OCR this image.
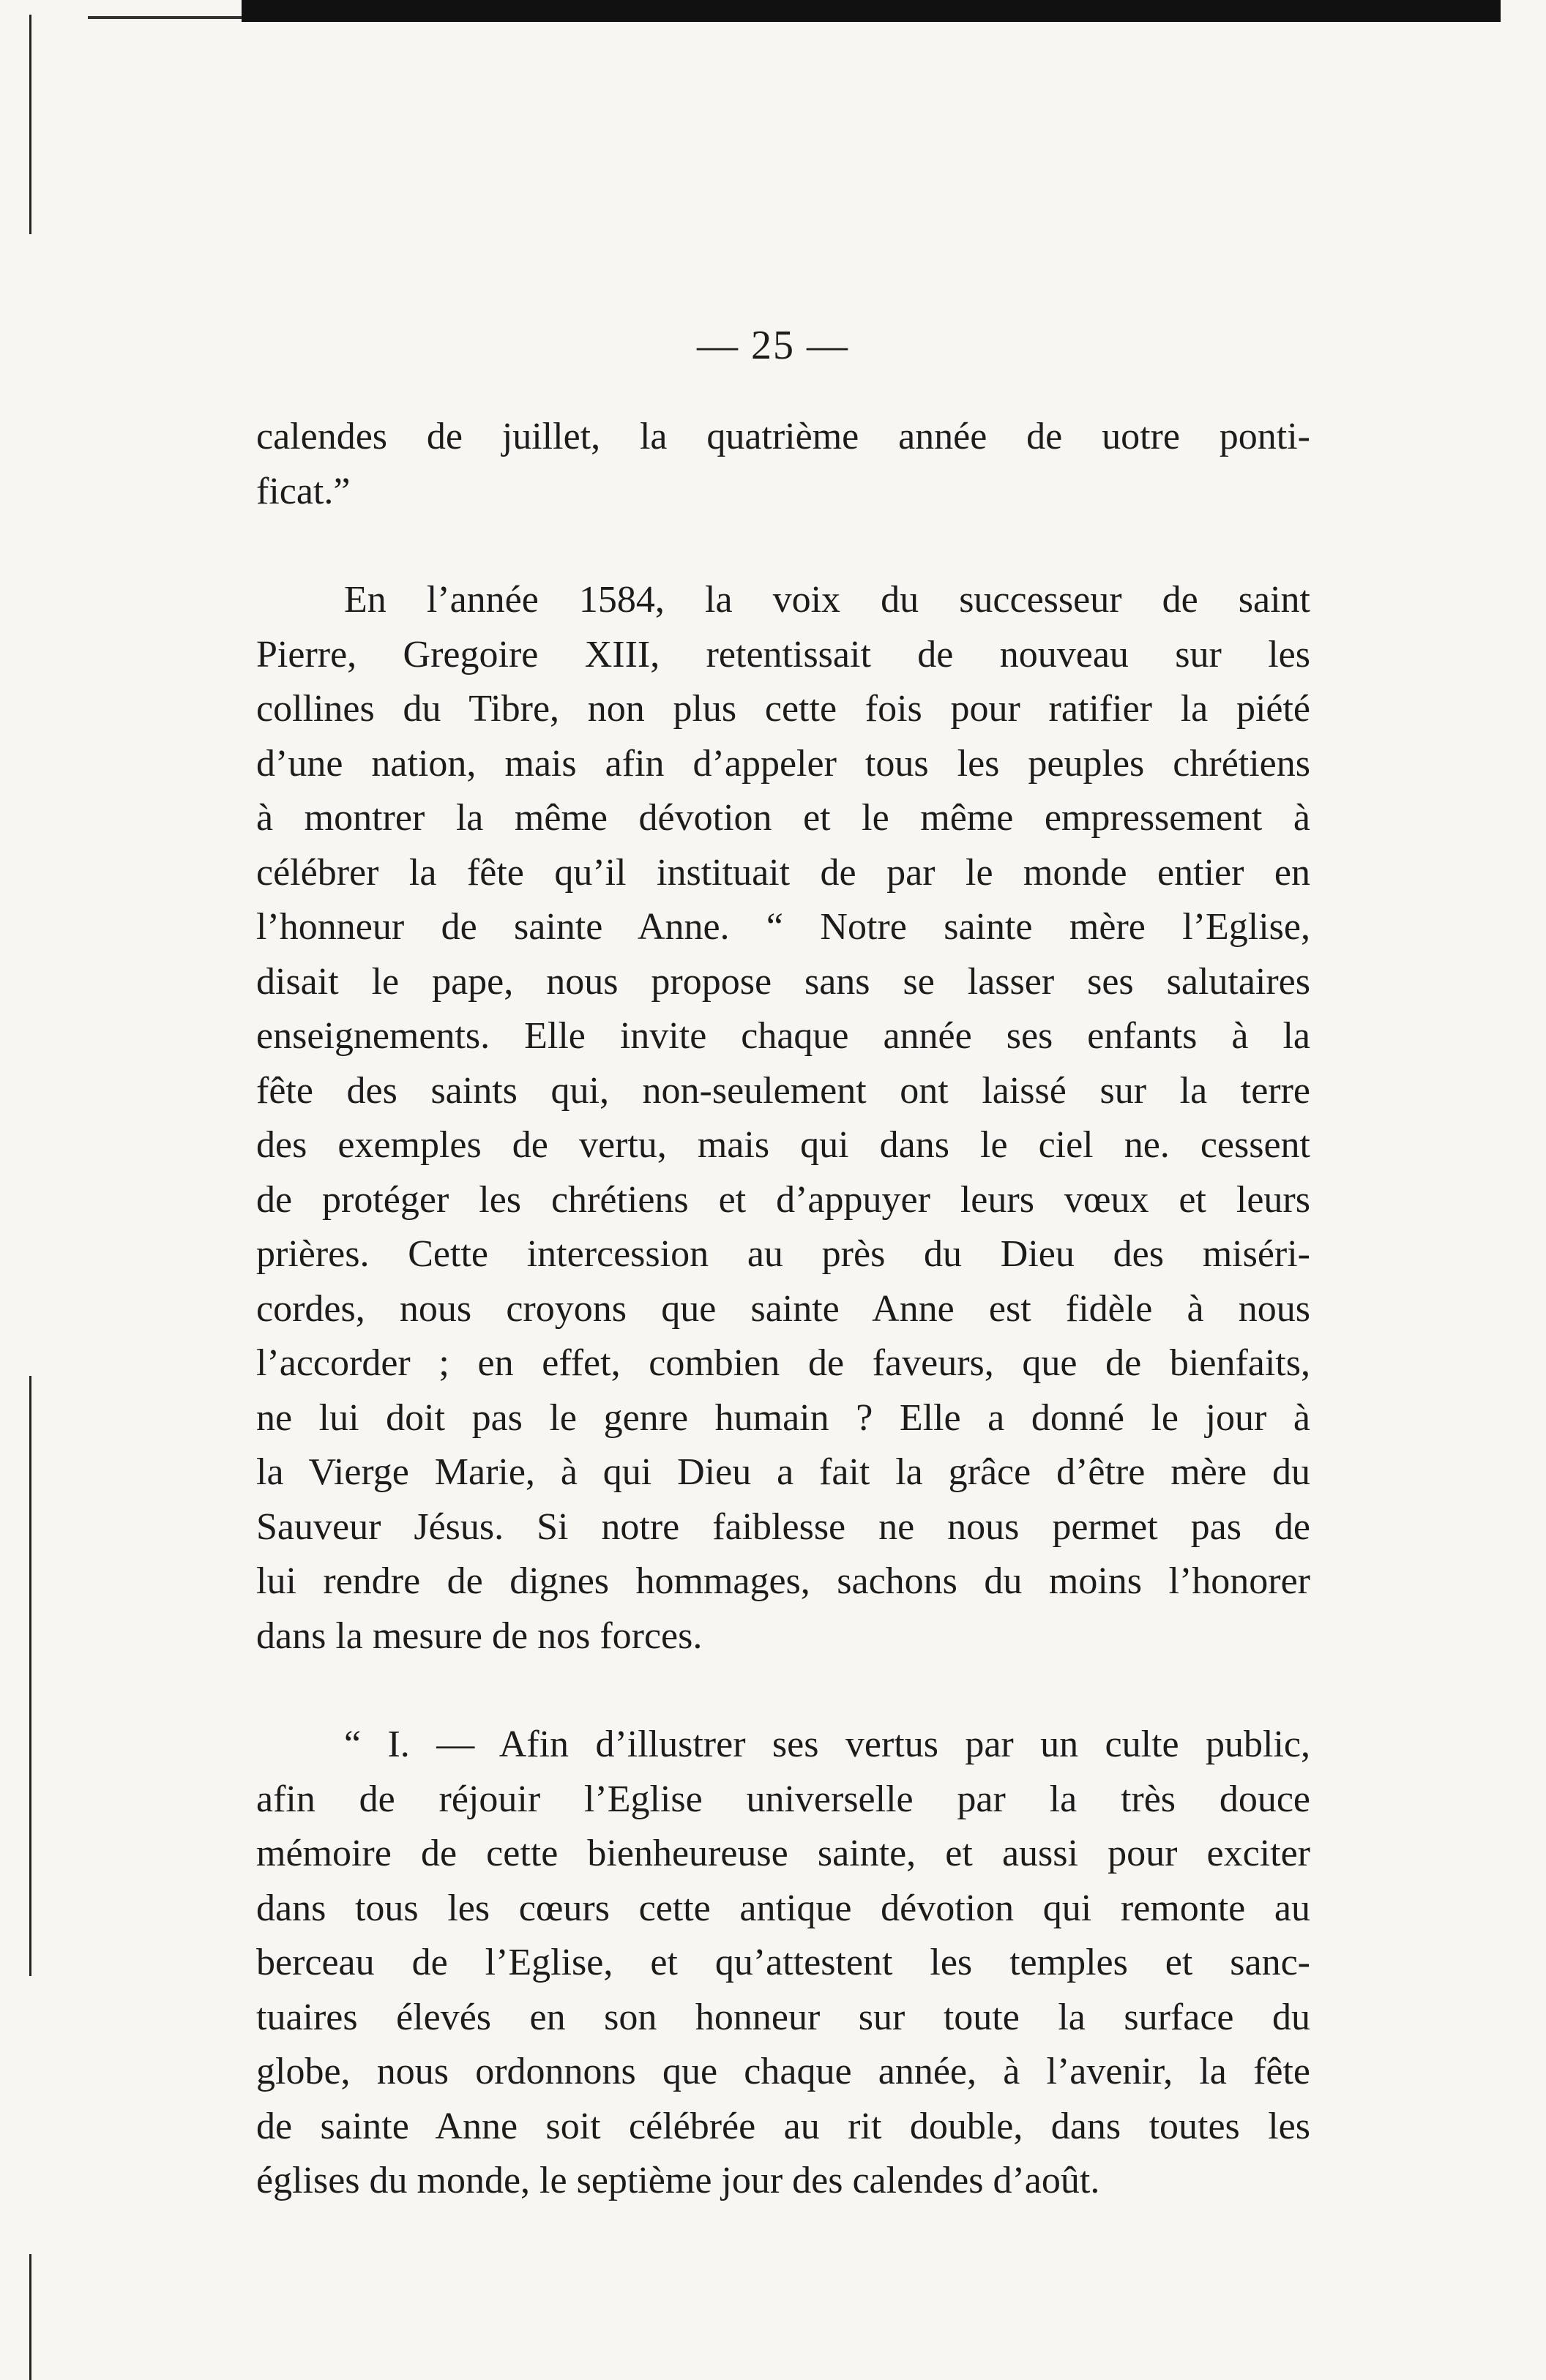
— 25 —
calendes de juillet, la quatrième année de uotre ponti-
ficat.”
En l’année 1584, la voix du successeur de saint
Pierre, Gregoire XIII, retentissait de nouveau sur les
collines du Tibre, non plus cette fois pour ratifier la piété
d’une nation, mais afin d’appeler tous les peuples chrétiens
à montrer la même dévotion et le même empressement à
célébrer la fête qu’il instituait de par le monde entier en
l’honneur de sainte Anne. “ Notre sainte mère l’Eglise,
disait le pape, nous propose sans se lasser ses salutaires
enseignements. Elle invite chaque année ses enfants à la
fête des saints qui, non-seulement ont laissé sur la terre
des exemples de vertu, mais qui dans le ciel ne. cessent
de protéger les chrétiens et d’appuyer leurs vœux et leurs
prières. Cette intercession au près du Dieu des miséri-
cordes, nous croyons que sainte Anne est fidèle à nous
l’accorder ; en effet, combien de faveurs, que de bienfaits,
ne lui doit pas le genre humain ? Elle a donné le jour à
la Vierge Marie, à qui Dieu a fait la grâce d’être mère du
Sauveur Jésus. Si notre faiblesse ne nous permet pas de
lui rendre de dignes hommages, sachons du moins l’honorer
dans la mesure de nos forces.
“ I. — Afin d’illustrer ses vertus par un culte public,
afin de réjouir l’Eglise universelle par la très douce
mémoire de cette bienheureuse sainte, et aussi pour exciter
dans tous les cœurs cette antique dévotion qui remonte au
berceau de l’Eglise, et qu’attestent les temples et sanc-
tuaires élevés en son honneur sur toute la surface du
globe, nous ordonnons que chaque année, à l’avenir, la fête
de sainte Anne soit célébrée au rit double, dans toutes les
églises du monde, le septième jour des calendes d’août.
